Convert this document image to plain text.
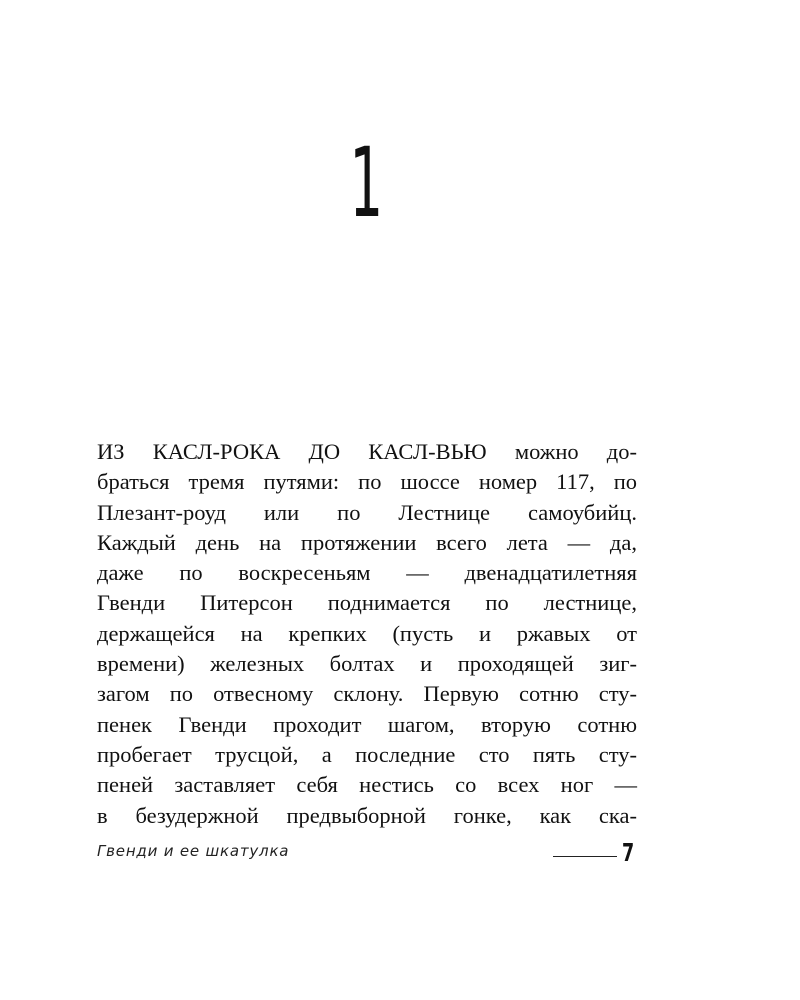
1
ИЗ КАСЛ-РОКА ДО КАСЛ-ВЬЮ можно до-
браться тремя путями: по шоссе номер 117, по
Плезант-роуд или по Лестнице самоубийц.
Каждый день на протяжении всего лета — да,
даже по воскресеньям — двенадцатилетняя
Гвенди Питерсон поднимается по лестнице,
держащейся на крепких (пусть и ржавых от
времени) железных болтах и проходящей зиг-
загом по отвесному склону. Первую сотню сту-
пенек Гвенди проходит шагом, вторую сотню
пробегает трусцой, а последние сто пять сту-
пеней заставляет себя нестись со всех ног —
в безудержной предвыборной гонке, как ска-
Гвенди и ее шкатулка	7
